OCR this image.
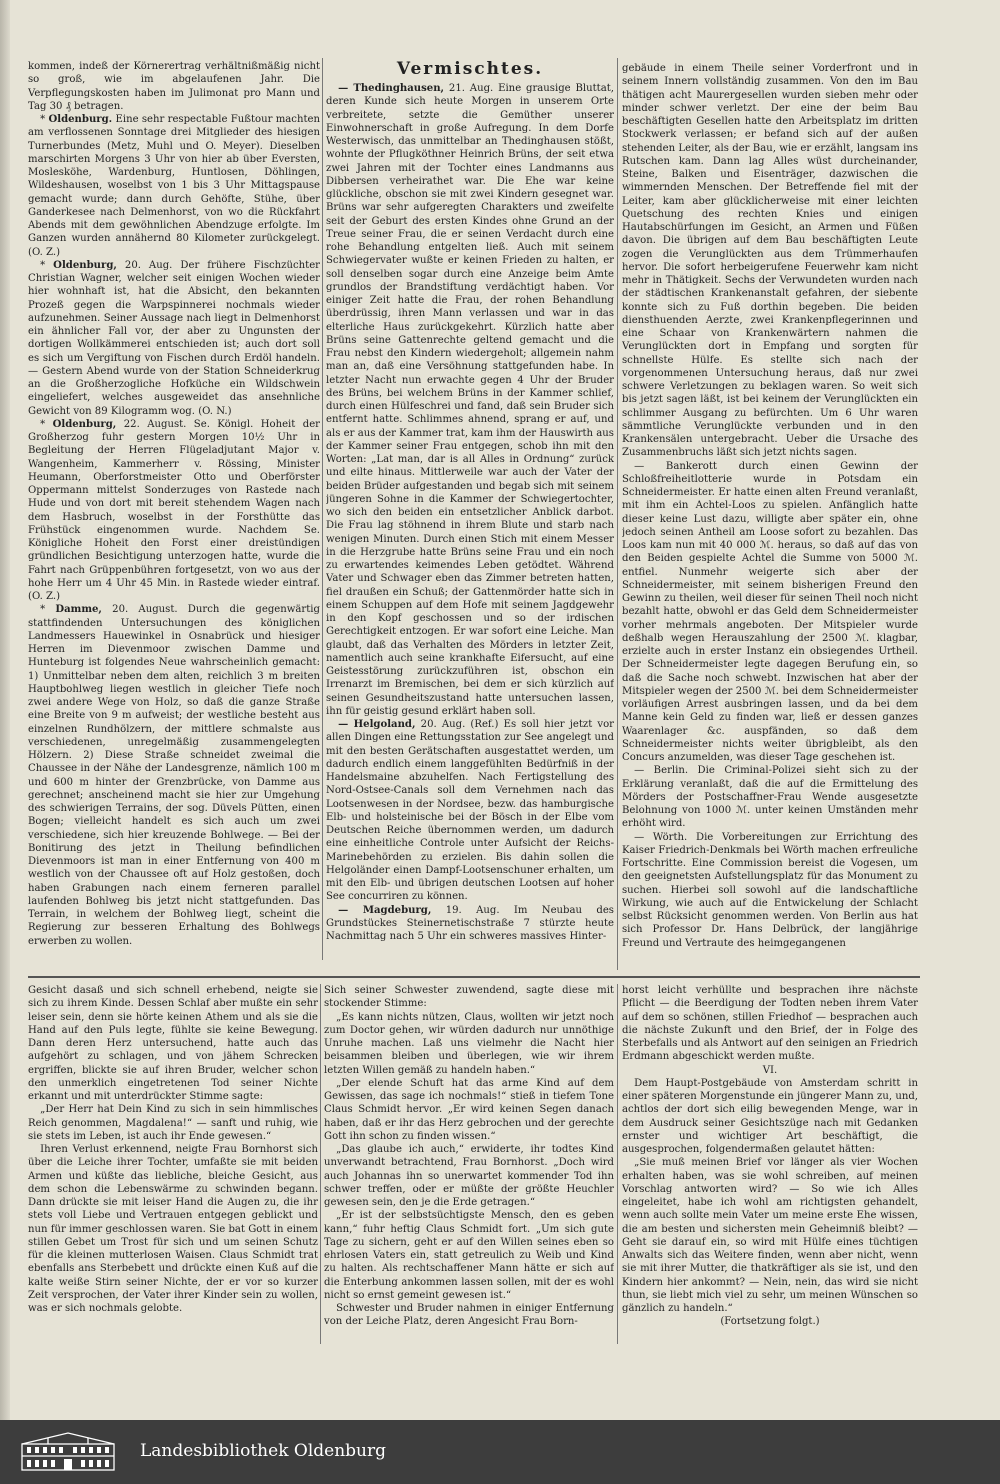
kommen, indeß der Körnerertrag verhältnißmäßig nicht so groß, wie im abgelaufenen Jahr. Die Verpflegungskosten haben im Julimonat pro Mann und Tag 30 ₰ betragen.

* Oldenburg. Eine sehr respectable Fußtour machten am verflossenen Sonntage drei Mitglieder des hiesigen Turnerbundes (Metz, Muhl und O. Meyer). Dieselben marschirten Morgens 3 Uhr von hier ab über Eversten, Moslesköhe, Wardenburg, Huntlosen, Döhlingen, Wildeshausen, woselbst von 1 bis 3 Uhr Mittagspause gemacht wurde; dann durch Gehöfte, Stühe, über Ganderkesee nach Delmenhorst, von wo die Rückfahrt Abends mit dem gewöhnlichen Abendzuge erfolgte. Im Ganzen wurden annähernd 80 Kilometer zurückgelegt. (O. Z.)

* Oldenburg, 20. Aug. Der frühere Fischzüchter Christian Wagner, welcher seit einigen Wochen wieder hier wohnhaft ist, hat die Absicht, den bekannten Prozeß gegen die Warpspinnerei nochmals wieder aufzunehmen. Seiner Aussage nach liegt in Delmenhorst ein ähnlicher Fall vor, der aber zu Ungunsten der dortigen Wollkämmerei entschieden ist; auch dort soll es sich um Vergiftung von Fischen durch Erdöl handeln. — Gestern Abend wurde von der Station Schneiderkrug an die Großherzogliche Hofküche ein Wildschwein eingeliefert, welches ausgeweidet das ansehnliche Gewicht von 89 Kilogramm wog. (O. N.)

* Oldenburg, 22. August. Se. Königl. Hoheit der Großherzog fuhr gestern Morgen 10½ Uhr in Begleitung der Herren Flügeladjutant Major v. Wangenheim, Kammerherr v. Rössing, Minister Heumann, Oberforstmeister Otto und Oberförster Oppermann mittelst Sonderzuges von Rastede nach Hude und von dort mit bereit stehendem Wagen nach dem Hasbruch, woselbst in der Forsthütte das Frühstück eingenommen wurde. Nachdem Se. Königliche Hoheit den Forst einer dreistündigen gründlichen Besichtigung unterzogen hatte, wurde die Fahrt nach Grüppenbühren fortgesetzt, von wo aus der hohe Herr um 4 Uhr 45 Min. in Rastede wieder eintraf. (O. Z.)

* Damme, 20. August. Durch die gegenwärtig stattfindenden Untersuchungen des königlichen Landmessers Hauewinkel in Osnabrück und hiesiger Herren im Dievenmoor zwischen Damme und Hunteburg ist folgendes Neue wahrscheinlich gemacht: 1) Unmittelbar neben dem alten, reichlich 3 m breiten Hauptbohlweg liegen westlich in gleicher Tiefe noch zwei andere Wege von Holz, so daß die ganze Straße eine Breite von 9 m aufweist; der westliche besteht aus einzelnen Rundhölzern, der mittlere schmalste aus verschiedenen, unregelmäßig zusammengelegten Hölzern. 2) Diese Straße schneidet zweimal die Chaussee in der Nähe der Landesgrenze, nämlich 100 m und 600 m hinter der Grenzbrücke, von Damme aus gerechnet; anscheinend macht sie hier zur Umgehung des schwierigen Terrains, der sog. Düvels Pütten, einen Bogen; vielleicht handelt es sich auch um zwei verschiedene, sich hier kreuzende Bohlwege. — Bei der Bonitirung des jetzt in Theilung befindlichen Dievenmoors ist man in einer Entfernung von 400 m westlich von der Chaussee oft auf Holz gestoßen, doch haben Grabungen nach einem ferneren parallel laufenden Bohlweg bis jetzt nicht stattgefunden. Das Terrain, in welchem der Bohlweg liegt, scheint die Regierung zur besseren Erhaltung des Bohlwegs erwerben zu wollen.

Vermischtes.

— Thedinghausen, 21. Aug. Eine grausige Bluttat, deren Kunde sich heute Morgen in unserem Orte verbreitete, setzte die Gemüther unserer Einwohnerschaft in große Aufregung. In dem Dorfe Westerwisch, das unmittelbar an Thedinghausen stößt, wohnte der Pflugköthner Heinrich Brüns, der seit etwa zwei Jahren mit der Tochter eines Landmanns aus Dibbersen verheirathet war. Die Ehe war keine glückliche, obschon sie mit zwei Kindern gesegnet war. Brüns war sehr aufgeregten Charakters und zweifelte seit der Geburt des ersten Kindes ohne Grund an der Treue seiner Frau, die er seinen Verdacht durch eine rohe Behandlung entgelten ließ. Auch mit seinem Schwiegervater wußte er keinen Frieden zu halten, er soll denselben sogar durch eine Anzeige beim Amte grundlos der Brandstiftung verdächtigt haben. Vor einiger Zeit hatte die Frau, der rohen Behandlung überdrüssig, ihren Mann verlassen und war in das elterliche Haus zurückgekehrt. Kürzlich hatte aber Brüns seine Gattenrechte geltend gemacht und die Frau nebst den Kindern wiedergeholt; allgemein nahm man an, daß eine Versöhnung stattgefunden habe. In letzter Nacht nun erwachte gegen 4 Uhr der Bruder des Brüns, bei welchem Brüns in der Kammer schlief, durch einen Hülfeschrei und fand, daß sein Bruder sich entfernt hatte. Schlimmes ahnend, sprang er auf, und als er aus der Kammer trat, kam ihm der Hauswirth aus der Kammer seiner Frau entgegen, schob ihn mit den Worten: „Lat man, dar is all Alles in Ordnung“ zurück und eilte hinaus. Mittlerweile war auch der Vater der beiden Brüder aufgestanden und begab sich mit seinem jüngeren Sohne in die Kammer der Schwiegertochter, wo sich den beiden ein entsetzlicher Anblick darbot. Die Frau lag stöhnend in ihrem Blute und starb nach wenigen Minuten. Durch einen Stich mit einem Messer in die Herzgrube hatte Brüns seine Frau und ein noch zu erwartendes keimendes Leben getödtet. Während Vater und Schwager eben das Zimmer betreten hatten, fiel draußen ein Schuß; der Gattenmörder hatte sich in einem Schuppen auf dem Hofe mit seinem Jagdgewehr in den Kopf geschossen und so der irdischen Gerechtigkeit entzogen. Er war sofort eine Leiche. Man glaubt, daß das Verhalten des Mörders in letzter Zeit, namentlich auch seine krankhafte Eifersucht, auf eine Geistesstörung zurückzuführen ist, obschon ein Irrenarzt im Bremischen, bei dem er sich kürzlich auf seinen Gesundheitszustand hatte untersuchen lassen, ihn für geistig gesund erklärt haben soll.

— Helgoland, 20. Aug. (Ref.) Es soll hier jetzt vor allen Dingen eine Rettungsstation zur See angelegt und mit den besten Gerätschaften ausgestattet werden, um dadurch endlich einem langgefühlten Bedürfniß in der Handelsmaine abzuhelfen. Nach Fertigstellung des Nord-Ostsee-Canals soll dem Vernehmen nach das Lootsenwesen in der Nordsee, bezw. das hamburgische Elb- und holsteinische bei der Bösch in der Elbe vom Deutschen Reiche übernommen werden, um dadurch eine einheitliche Controle unter Aufsicht der Reichs-Marinebehörden zu erzielen. Bis dahin sollen die Helgoländer einen Dampf-Lootsenschuner erhalten, um mit den Elb- und übrigen deutschen Lootsen auf hoher See concurriren zu können.

— Magdeburg, 19. Aug. Im Neubau des Grundstückes Steinernetischstraße 7 stürzte heute Nachmittag nach 5 Uhr ein schweres massives Hinter-

gebäude in einem Theile seiner Vorderfront und in seinem Innern vollständig zusammen. Von den im Bau thätigen acht Maurergesellen wurden sieben mehr oder minder schwer verletzt. Der eine der beim Bau beschäftigten Gesellen hatte den Arbeitsplatz im dritten Stockwerk verlassen; er befand sich auf der außen stehenden Leiter, als der Bau, wie er erzählt, langsam ins Rutschen kam. Dann lag Alles wüst durcheinander, Steine, Balken und Eisenträger, dazwischen die wimmernden Menschen. Der Betreffende fiel mit der Leiter, kam aber glücklicherweise mit einer leichten Quetschung des rechten Knies und einigen Hautabschürfungen im Gesicht, an Armen und Füßen davon. Die übrigen auf dem Bau beschäftigten Leute zogen die Verunglückten aus dem Trümmerhaufen hervor. Die sofort herbeigerufene Feuerwehr kam nicht mehr in Thätigkeit. Sechs der Verwundeten wurden nach der städtischen Krankenanstalt gefahren, der siebente konnte sich zu Fuß dorthin begeben. Die beiden diensthuenden Aerzte, zwei Krankenpflegerinnen und eine Schaar von Krankenwärtern nahmen die Verunglückten dort in Empfang und sorgten für schnellste Hülfe. Es stellte sich nach der vorgenommenen Untersuchung heraus, daß nur zwei schwere Verletzungen zu beklagen waren. So weit sich bis jetzt sagen läßt, ist bei keinem der Verunglückten ein schlimmer Ausgang zu befürchten. Um 6 Uhr waren sämmtliche Verunglückte verbunden und in den Krankensälen untergebracht. Ueber die Ursache des Zusammenbruchs läßt sich jetzt nichts sagen.

— Bankerott durch einen Gewinn der Schloßfreiheitlotterie wurde in Potsdam ein Schneidermeister. Er hatte einen alten Freund veranlaßt, mit ihm ein Achtel-Loos zu spielen. Anfänglich hatte dieser keine Lust dazu, willigte aber später ein, ohne jedoch seinen Antheil am Loose sofort zu bezahlen. Das Loos kam nun mit 40 000 ℳ. heraus, so daß auf das von den Beiden gespielte Achtel die Summe von 5000 ℳ. entfiel. Nunmehr weigerte sich aber der Schneidermeister, mit seinem bisherigen Freund den Gewinn zu theilen, weil dieser für seinen Theil noch nicht bezahlt hatte, obwohl er das Geld dem Schneidermeister vorher mehrmals angeboten. Der Mitspieler wurde deßhalb wegen Herauszahlung der 2500 ℳ. klagbar, erzielte auch in erster Instanz ein obsiegendes Urtheil. Der Schneidermeister legte dagegen Berufung ein, so daß die Sache noch schwebt. Inzwischen hat aber der Mitspieler wegen der 2500 ℳ. bei dem Schneidermeister vorläufigen Arrest ausbringen lassen, und da bei dem Manne kein Geld zu finden war, ließ er dessen ganzes Waarenlager &c. auspfänden, so daß dem Schneidermeister nichts weiter übrigbleibt, als den Concurs anzumelden, was dieser Tage geschehen ist.

— Berlin. Die Criminal-Polizei sieht sich zu der Erklärung veranlaßt, daß die auf die Ermittelung des Mörders der Postschaffner-Frau Wende ausgesetzte Belohnung von 1000 ℳ. unter keinen Umständen mehr erhöht wird.

— Wörth. Die Vorbereitungen zur Errichtung des Kaiser Friedrich-Denkmals bei Wörth machen erfreuliche Fortschritte. Eine Commission bereist die Vogesen, um den geeignetsten Aufstellungsplatz für das Monument zu suchen. Hierbei soll sowohl auf die landschaftliche Wirkung, wie auch auf die Entwickelung der Schlacht selbst Rücksicht genommen werden. Von Berlin aus hat sich Professor Dr. Hans Delbrück, der langjährige Freund und Vertraute des heimgegangenen

Gesicht dasaß und sich schnell erhebend, neigte sie sich zu ihrem Kinde. Dessen Schlaf aber mußte ein sehr leiser sein, denn sie hörte keinen Athem und als sie die Hand auf den Puls legte, fühlte sie keine Bewegung. Dann deren Herz untersuchend, hatte auch das aufgehört zu schlagen, und von jähem Schrecken ergriffen, blickte sie auf ihren Bruder, welcher schon den unmerklich eingetretenen Tod seiner Nichte erkannt und mit unterdrückter Stimme sagte:

„Der Herr hat Dein Kind zu sich in sein himmlisches Reich genommen, Magdalena!“ — sanft und ruhig, wie sie stets im Leben, ist auch ihr Ende gewesen.“

Ihren Verlust erkennend, neigte Frau Bornhorst sich über die Leiche ihrer Tochter, umfaßte sie mit beiden Armen und küßte das liebliche, bleiche Gesicht, aus dem schon die Lebenswärme zu schwinden begann. Dann drückte sie mit leiser Hand die Augen zu, die ihr stets voll Liebe und Vertrauen entgegen geblickt und nun für immer geschlossen waren. Sie bat Gott in einem stillen Gebet um Trost für sich und um seinen Schutz für die kleinen mutterlosen Waisen. Claus Schmidt trat ebenfalls ans Sterbebett und drückte einen Kuß auf die kalte weiße Stirn seiner Nichte, der er vor so kurzer Zeit versprochen, der Vater ihrer Kinder sein zu wollen, was er sich nochmals gelobte.

Sich seiner Schwester zuwendend, sagte diese mit stockender Stimme:

„Es kann nichts nützen, Claus, wollten wir jetzt noch zum Doctor gehen, wir würden dadurch nur unnöthige Unruhe machen. Laß uns vielmehr die Nacht hier beisammen bleiben und überlegen, wie wir ihrem letzten Willen gemäß zu handeln haben.“

„Der elende Schuft hat das arme Kind auf dem Gewissen, das sage ich nochmals!“ stieß in tiefem Tone Claus Schmidt hervor. „Er wird keinen Segen danach haben, daß er ihr das Herz gebrochen und der gerechte Gott ihn schon zu finden wissen.“

„Das glaube ich auch,“ erwiderte, ihr todtes Kind unverwandt betrachtend, Frau Bornhorst. „Doch wird auch Johannas ihn so unerwartet kommender Tod ihn schwer treffen, oder er müßte der größte Heuchler gewesen sein, den je die Erde getragen.“

„Er ist der selbstsüchtigste Mensch, den es geben kann,“ fuhr heftig Claus Schmidt fort. „Um sich gute Tage zu sichern, geht er auf den Willen seines eben so ehrlosen Vaters ein, statt getreulich zu Weib und Kind zu halten. Als rechtschaffener Mann hätte er sich auf die Enterbung ankommen lassen sollen, mit der es wohl nicht so ernst gemeint gewesen ist.“

Schwester und Bruder nahmen in einiger Entfernung von der Leiche Platz, deren Angesicht Frau Born-

horst leicht verhüllte und besprachen ihre nächste Pflicht — die Beerdigung der Todten neben ihrem Vater auf dem so schönen, stillen Friedhof — besprachen auch die nächste Zukunft und den Brief, der in Folge des Sterbefalls und als Antwort auf den seinigen an Friedrich Erdmann abgeschickt werden mußte.

VI.

Dem Haupt-Postgebäude von Amsterdam schritt in einer späteren Morgenstunde ein jüngerer Mann zu, und, achtlos der dort sich eilig bewegenden Menge, war in dem Ausdruck seiner Gesichtszüge nach mit Gedanken ernster und wichtiger Art beschäftigt, die ausgesprochen, folgendermaßen gelautet hätten:

„Sie muß meinen Brief vor länger als vier Wochen erhalten haben, was sie wohl schreiben, auf meinen Vorschlag antworten wird? — So wie ich Alles eingeleitet, habe ich wohl am richtigsten gehandelt, wenn auch sollte mein Vater um meine erste Ehe wissen, die am besten und sichersten mein Geheimniß bleibt? — Geht sie darauf ein, so wird mit Hülfe eines tüchtigen Anwalts sich das Weitere finden, wenn aber nicht, wenn sie mit ihrer Mutter, die thatkräftiger als sie ist, und den Kindern hier ankommt? — Nein, nein, das wird sie nicht thun, sie liebt mich viel zu sehr, um meinen Wünschen so gänzlich zu handeln.“

(Fortsetzung folgt.)

Landesbibliothek Oldenburg
